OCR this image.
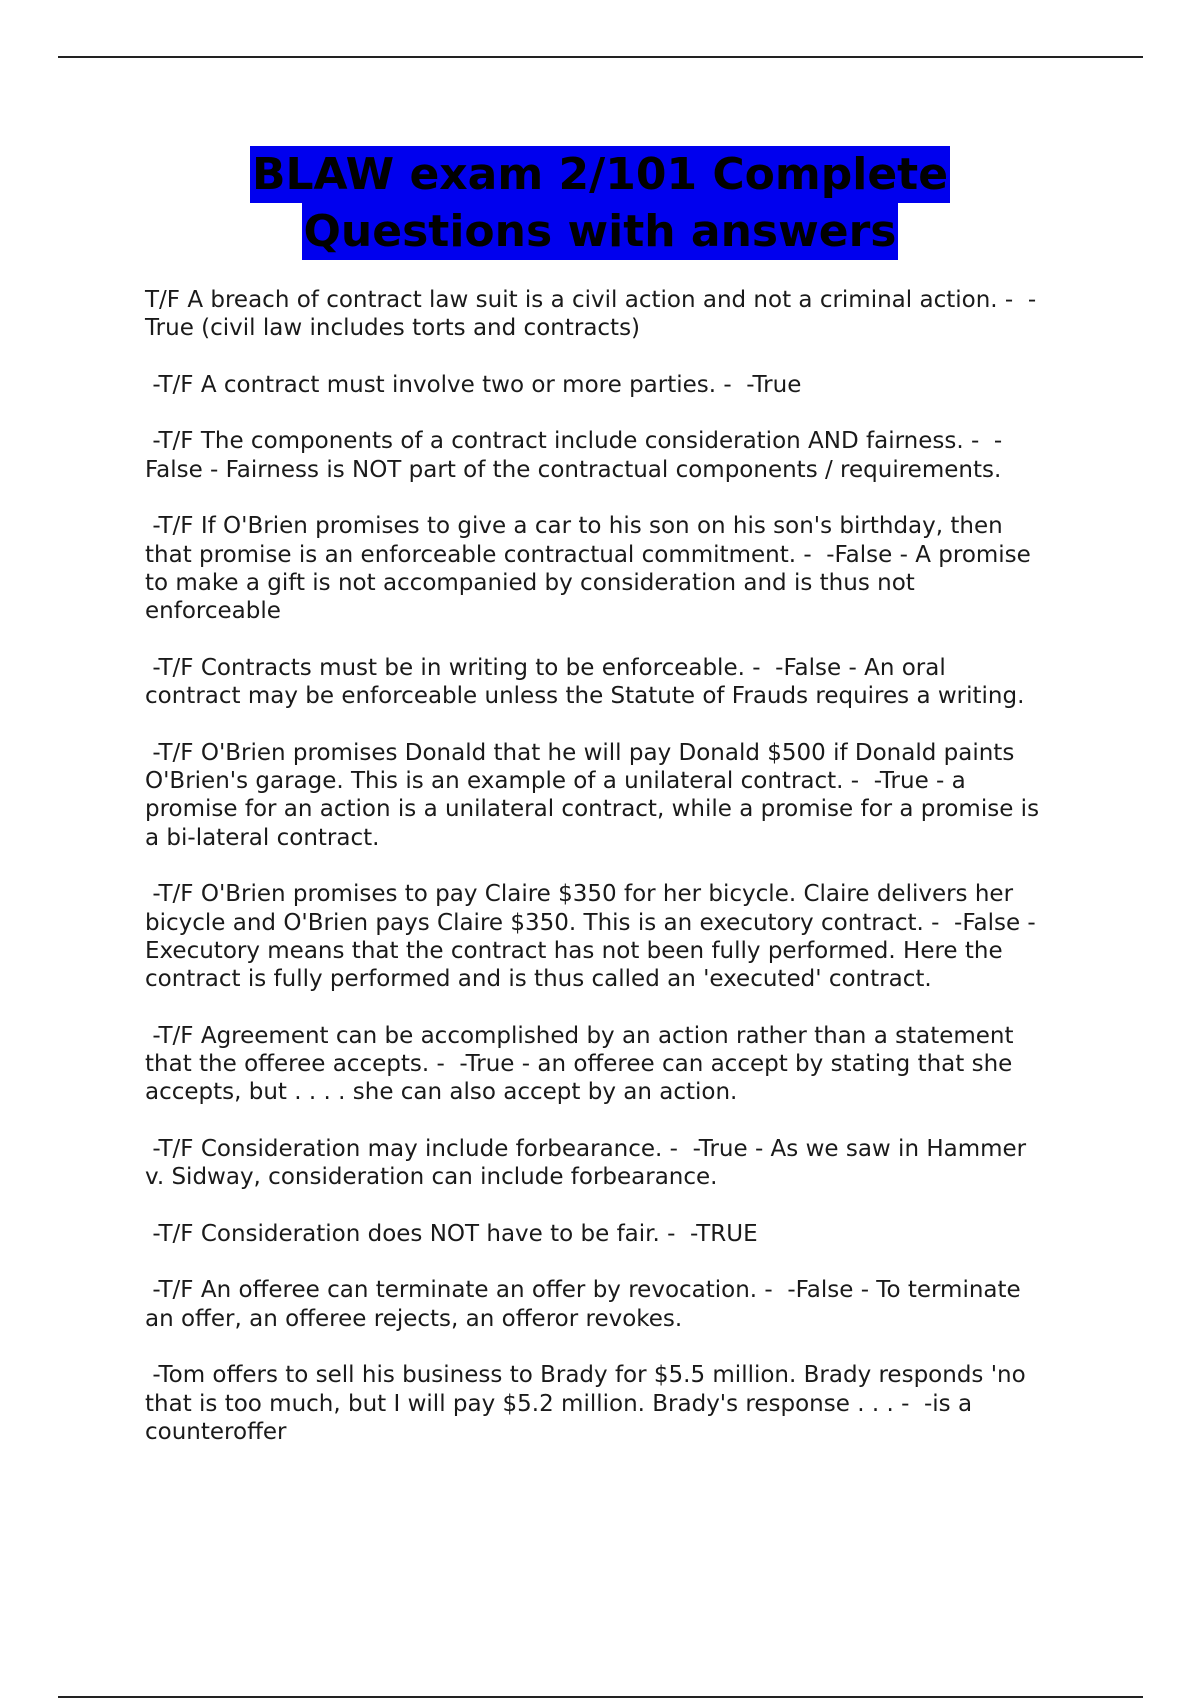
BLAW exam 2/101 Complete
Questions with answers
T/F A breach of contract law suit is a civil action and not a criminal action. -  -
True (civil law includes torts and contracts)
-T/F A contract must involve two or more parties. -  -True
-T/F The components of a contract include consideration AND fairness. -  -
False - Fairness is NOT part of the contractual components / requirements.
-T/F If O'Brien promises to give a car to his son on his son's birthday, then
that promise is an enforceable contractual commitment. -  -False - A promise
to make a gift is not accompanied by consideration and is thus not
enforceable
-T/F Contracts must be in writing to be enforceable. -  -False - An oral
contract may be enforceable unless the Statute of Frauds requires a writing.
-T/F O'Brien promises Donald that he will pay Donald $500 if Donald paints
O'Brien's garage. This is an example of a unilateral contract. -  -True - a
promise for an action is a unilateral contract, while a promise for a promise is
a bi-lateral contract.
-T/F O'Brien promises to pay Claire $350 for her bicycle. Claire delivers her
bicycle and O'Brien pays Claire $350. This is an executory contract. -  -False -
Executory means that the contract has not been fully performed. Here the
contract is fully performed and is thus called an 'executed' contract.
-T/F Agreement can be accomplished by an action rather than a statement
that the offeree accepts. -  -True - an offeree can accept by stating that she
accepts, but . . . . she can also accept by an action.
-T/F Consideration may include forbearance. -  -True - As we saw in Hammer
v. Sidway, consideration can include forbearance.
-T/F Consideration does NOT have to be fair. -  -TRUE
-T/F An offeree can terminate an offer by revocation. -  -False - To terminate
an offer, an offeree rejects, an offeror revokes.
-Tom offers to sell his business to Brady for $5.5 million. Brady responds 'no
that is too much, but I will pay $5.2 million. Brady's response . . . -  -is a
counteroffer
